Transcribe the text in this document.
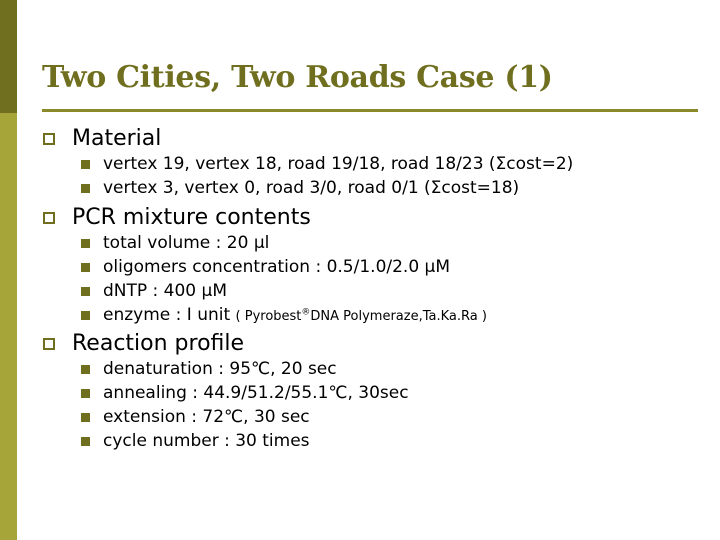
Two Cities, Two Roads Case (1)
Material
vertex 19, vertex 18, road 19/18, road 18/23 (Σcost=2)
vertex 3, vertex 0, road 3/0, road 0/1 (Σcost=18)
PCR mixture contents
total volume : 20 μl
oligomers concentration : 0.5/1.0/2.0 μM
dNTP : 400 μM
enzyme : I unit ( Pyrobest®DNA Polymeraze,Ta.Ka.Ra )
Reaction profile
denaturation : 95℃, 20 sec
annealing : 44.9/51.2/55.1℃, 30sec
extension : 72℃, 30 sec
cycle number : 30 times
